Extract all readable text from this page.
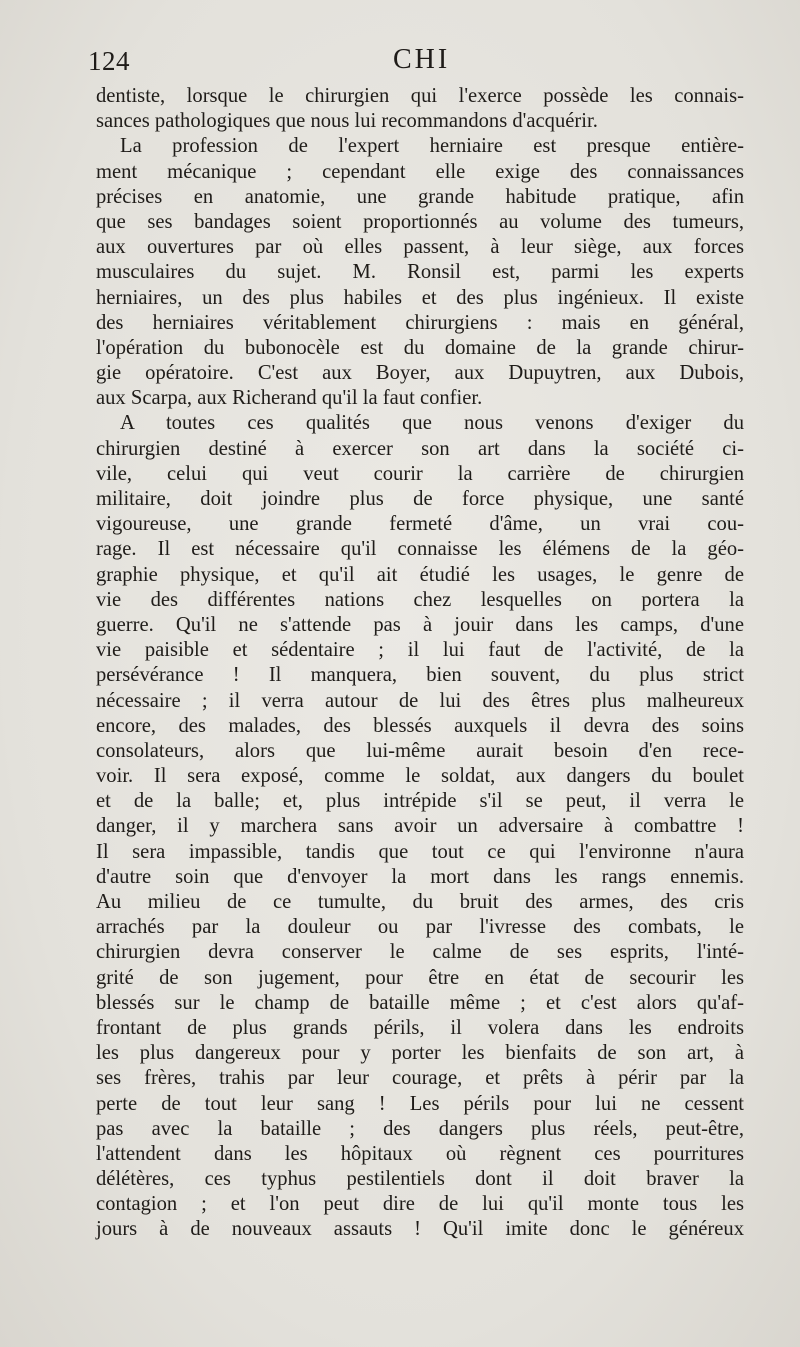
124	CHI
dentiste, lorsque le chirurgien qui l'exerce possède les connais-
sances pathologiques que nous lui recommandons d'acquérir.
La profession de l'expert herniaire est presque entière-
ment mécanique ; cependant elle exige des connaissances
précises en anatomie, une grande habitude pratique, afin
que ses bandages soient proportionnés au volume des tumeurs,
aux ouvertures par où elles passent, à leur siège, aux forces
musculaires du sujet. M. Ronsil est, parmi les experts
herniaires, un des plus habiles et des plus ingénieux. Il existe
des herniaires véritablement chirurgiens : mais en général,
l'opération du bubonocèle est du domaine de la grande chirur-
gie opératoire. C'est aux Boyer, aux Dupuytren, aux Dubois,
aux Scarpa, aux Richerand qu'il la faut confier.
A toutes ces qualités que nous venons d'exiger du
chirurgien destiné à exercer son art dans la société ci-
vile, celui qui veut courir la carrière de chirurgien
militaire, doit joindre plus de force physique, une santé
vigoureuse, une grande fermeté d'âme, un vrai cou-
rage. Il est nécessaire qu'il connaisse les élémens de la géo-
graphie physique, et qu'il ait étudié les usages, le genre de
vie des différentes nations chez lesquelles on portera la
guerre. Qu'il ne s'attende pas à jouir dans les camps, d'une
vie paisible et sédentaire ; il lui faut de l'activité, de la
persévérance ! Il manquera, bien souvent, du plus strict
nécessaire ; il verra autour de lui des êtres plus malheureux
encore, des malades, des blessés auxquels il devra des soins
consolateurs, alors que lui-même aurait besoin d'en rece-
voir. Il sera exposé, comme le soldat, aux dangers du boulet
et de la balle; et, plus intrépide s'il se peut, il verra le
danger, il y marchera sans avoir un adversaire à combattre !
Il sera impassible, tandis que tout ce qui l'environne n'aura
d'autre soin que d'envoyer la mort dans les rangs ennemis.
Au milieu de ce tumulte, du bruit des armes, des cris
arrachés par la douleur ou par l'ivresse des combats, le
chirurgien devra conserver le calme de ses esprits, l'inté-
grité de son jugement, pour être en état de secourir les
blessés sur le champ de bataille même ; et c'est alors qu'af-
frontant de plus grands périls, il volera dans les endroits
les plus dangereux pour y porter les bienfaits de son art, à
ses frères, trahis par leur courage, et prêts à périr par la
perte de tout leur sang ! Les périls pour lui ne cessent
pas avec la bataille ; des dangers plus réels, peut-être,
l'attendent dans les hôpitaux où règnent ces pourritures
délétères, ces typhus pestilentiels dont il doit braver la
contagion ; et l'on peut dire de lui qu'il monte tous les
jours à de nouveaux assauts ! Qu'il imite donc le généreux
